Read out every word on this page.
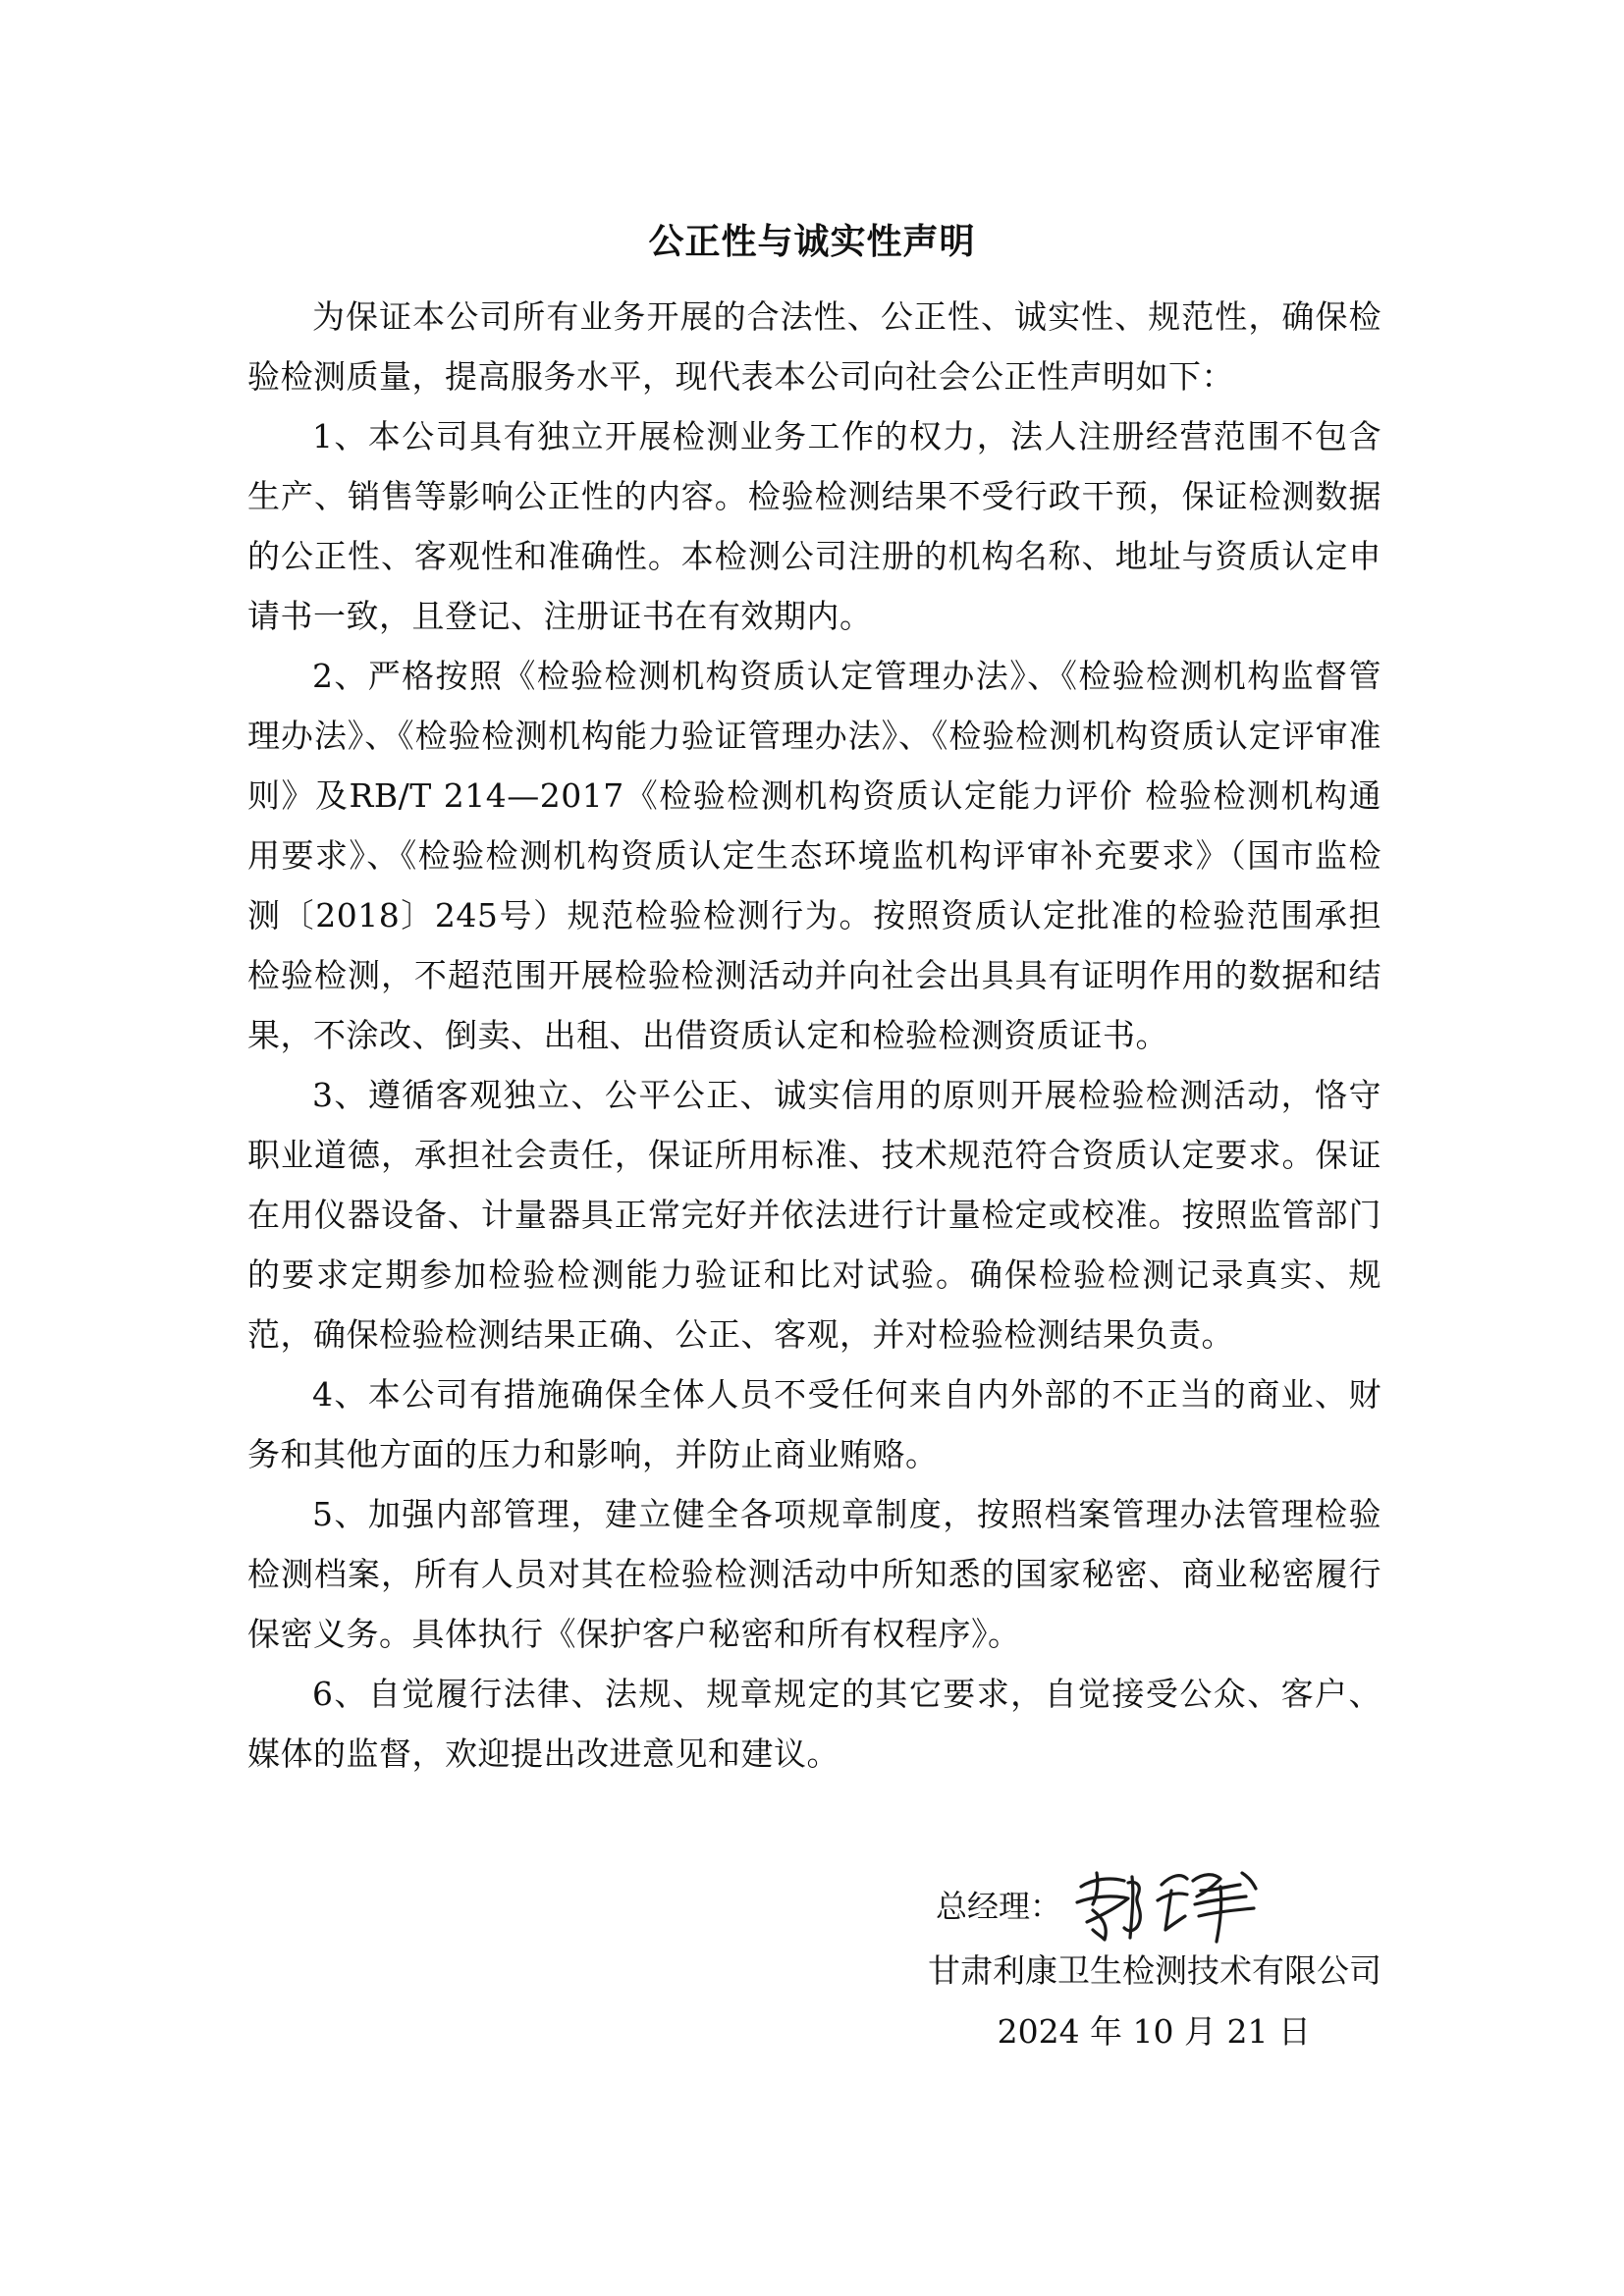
公正性与诚实性声明

为保证本公司所有业务开展的合法性、公正性、诚实性、规范性，确保检验检测质量，提高服务水平，现代表本公司向社会公正性声明如下：

1、本公司具有独立开展检测业务工作的权力，法人注册经营范围不包含生产、销售等影响公正性的内容。检验检测结果不受行政干预，保证检测数据的公正性、客观性和准确性。本检测公司注册的机构名称、地址与资质认定申请书一致，且登记、注册证书在有效期内。

2、严格按照《检验检测机构资质认定管理办法》、《检验检测机构监督管理办法》、《检验检测机构能力验证管理办法》、《检验检测机构资质认定评审准则》及RB/T 214—2017《检验检测机构资质认定能力评价 检验检测机构通用要求》、《检验检测机构资质认定生态环境监机构评审补充要求》（国市监检测〔2018〕245号）规范检验检测行为。按照资质认定批准的检验范围承担检验检测，不超范围开展检验检测活动并向社会出具具有证明作用的数据和结果，不涂改、倒卖、出租、出借资质认定和检验检测资质证书。

3、遵循客观独立、公平公正、诚实信用的原则开展检验检测活动，恪守职业道德，承担社会责任，保证所用标准、技术规范符合资质认定要求。保证在用仪器设备、计量器具正常完好并依法进行计量检定或校准。按照监管部门的要求定期参加检验检测能力验证和比对试验。确保检验检测记录真实、规范，确保检验检测结果正确、公正、客观，并对检验检测结果负责。

4、本公司有措施确保全体人员不受任何来自内外部的不正当的商业、财务和其他方面的压力和影响，并防止商业贿赂。

5、加强内部管理，建立健全各项规章制度，按照档案管理办法管理检验检测档案，所有人员对其在检验检测活动中所知悉的国家秘密、商业秘密履行保密义务。具体执行《保护客户秘密和所有权程序》。

6、自觉履行法律、法规、规章规定的其它要求，自觉接受公众、客户、媒体的监督，欢迎提出改进意见和建议。

总经理：
甘肃利康卫生检测技术有限公司
2024 年 10 月 21 日
